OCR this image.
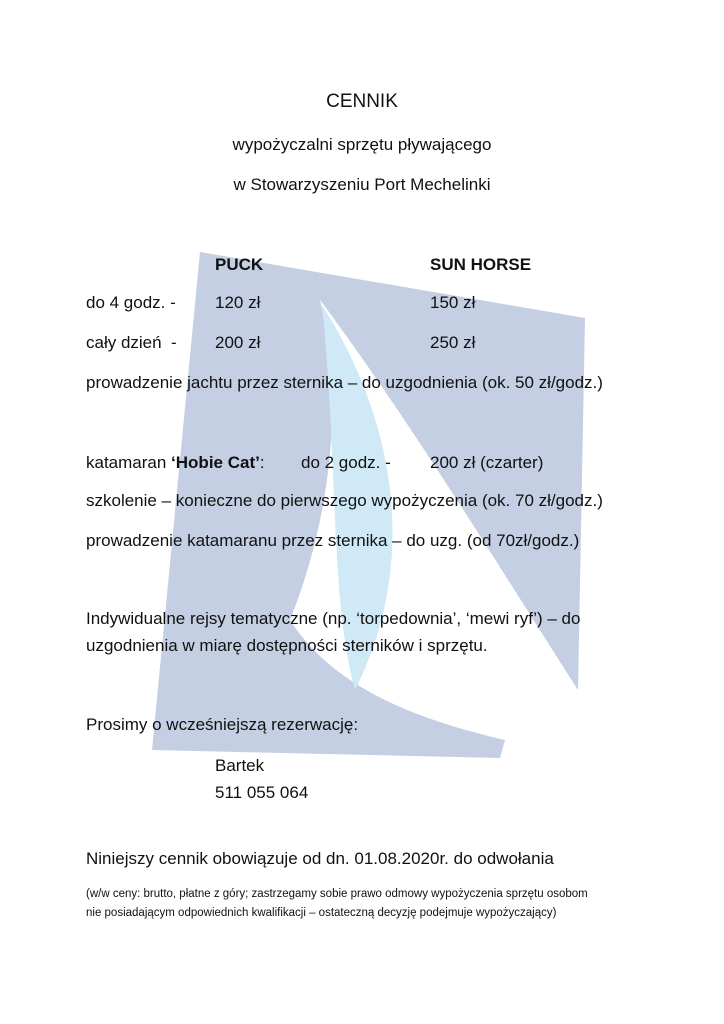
CENNIK
wypożyczalni sprzętu pływającego
w Stowarzyszeniu Port Mechelinki
PUCK	SUN HORSE
do 4 godz. - 120 zł	150 zł
cały dzień  - 200 zł	250 zł
prowadzenie jachtu przez sternika – do uzgodnienia (ok. 50 zł/godz.)
katamaran ‘Hobie Cat’: do 2 godz. - 200 zł (czarter)
szkolenie – konieczne do pierwszego wypożyczenia (ok. 70 zł/godz.)
prowadzenie katamaranu przez sternika – do uzg. (od 70zł/godz.)
Indywidualne rejsy tematyczne (np. ‘torpedownia’, ‘mewi ryf’) – do
uzgodnienia w miarę dostępności sterników i sprzętu.
Prosimy o wcześniejszą rezerwację:
Bartek
511 055 064
Niniejszy cennik obowiązuje od dn. 01.08.2020r. do odwołania
(w/w ceny: brutto, płatne z góry; zastrzegamy sobie prawo odmowy wypożyczenia sprzętu osobom
nie posiadającym odpowiednich kwalifikacji – ostateczną decyzję podejmuje wypożyczający)
